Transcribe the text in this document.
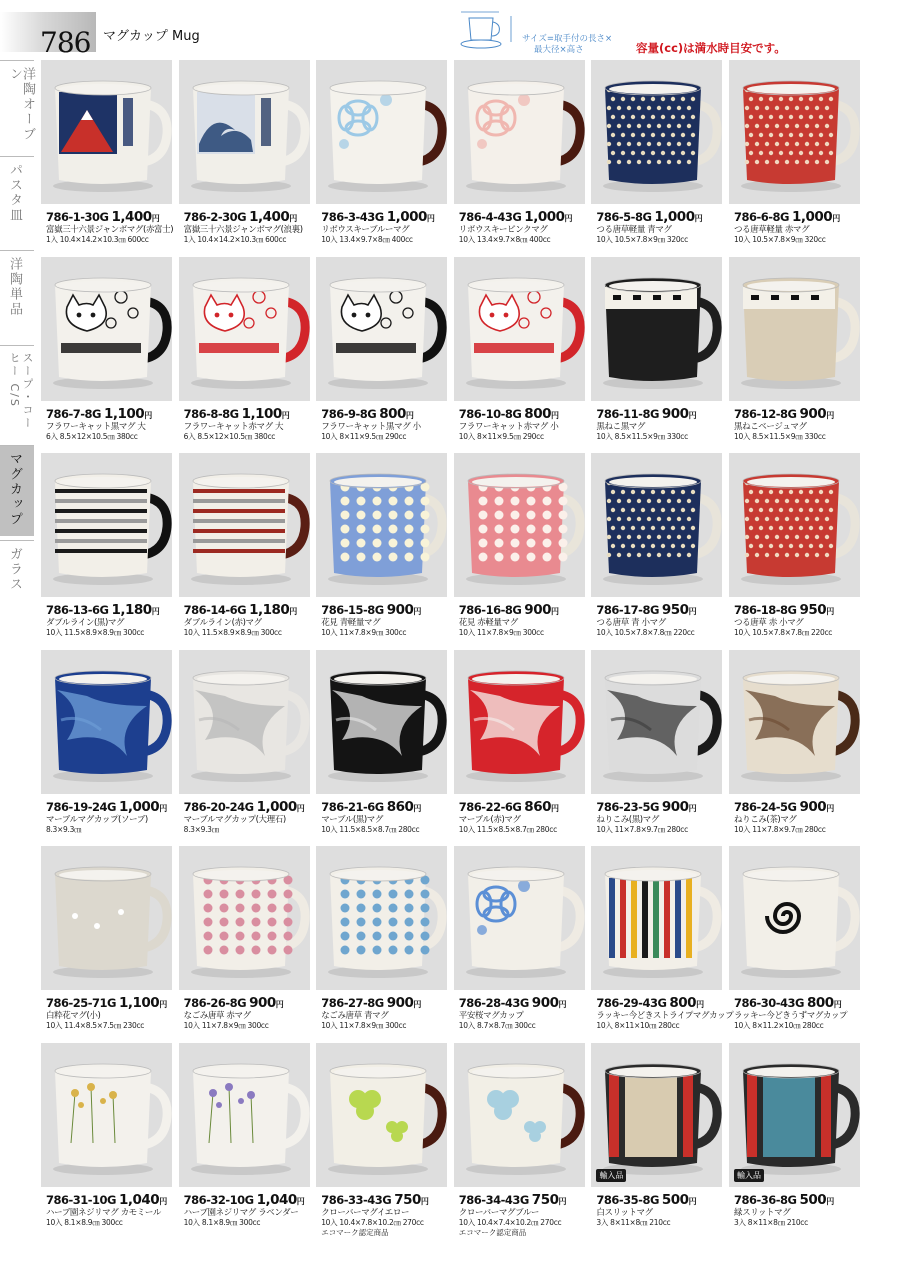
786 マグカップ Mug	サイズ=取手付の長さ×
最大径×高さ	容量(cc)は満水時目安です。
洋陶オーブン
パスタ皿
洋陶単品
スープ・コーヒー C/S
マグカップ
ガラス
786-1-30G 1,400円
富嶽三十六景ジャンボマグ(赤富士)
1入 10.4×14.2×10.3㎝ 600cc
786-2-30G 1,400円
富嶽三十六景ジャンボマグ(浪裏)
1入 10.4×14.2×10.3㎝ 600cc
786-3-43G 1,000円
リボウスキーブルーマグ
10入 13.4×9.7×8㎝ 400cc
786-4-43G 1,000円
リボウスキーピンクマグ
10入 13.4×9.7×8㎝ 400cc
786-5-8G 1,000円
つる唐草軽量 青マグ
10入 10.5×7.8×9㎝ 320cc
786-6-8G 1,000円
つる唐草軽量 赤マグ
10入 10.5×7.8×9㎝ 320cc
786-7-8G 1,100円
フラワーキャット黒マグ 大
6入 8.5×12×10.5㎝ 380cc
786-8-8G 1,100円
フラワーキャット赤マグ 大
6入 8.5×12×10.5㎝ 380cc
786-9-8G 800円
フラワーキャット黒マグ 小
10入 8×11×9.5㎝ 290cc
786-10-8G 800円
フラワーキャット赤マグ 小
10入 8×11×9.5㎝ 290cc
786-11-8G 900円
黒ねこ黒マグ
10入 8.5×11.5×9㎝ 330cc
786-12-8G 900円
黒ねこベージュマグ
10入 8.5×11.5×9㎝ 330cc
786-13-6G 1,180円
ダブルライン(黒)マグ
10入 11.5×8.9×8.9㎝ 300cc
786-14-6G 1,180円
ダブルライン(赤)マグ
10入 11.5×8.9×8.9㎝ 300cc
786-15-8G 900円
花見 青軽量マグ
10入 11×7.8×9㎝ 300cc
786-16-8G 900円
花見 赤軽量マグ
10入 11×7.8×9㎝ 300cc
786-17-8G 950円
つる唐草 青 小マグ
10入 10.5×7.8×7.8㎝ 220cc
786-18-8G 950円
つる唐草 赤 小マグ
10入 10.5×7.8×7.8㎝ 220cc
786-19-24G 1,000円
マーブルマグカップ(ソーブ)
8.3×9.3㎝
786-20-24G 1,000円
マーブルマグカップ(大理石)
8.3×9.3㎝
786-21-6G 860円
マーブル(黒)マグ
10入 11.5×8.5×8.7㎝ 280cc
786-22-6G 860円
マーブル(赤)マグ
10入 11.5×8.5×8.7㎝ 280cc
786-23-5G 900円
ねりこみ(黒)マグ
10入 11×7.8×9.7㎝ 280cc
786-24-5G 900円
ねりこみ(茶)マグ
10入 11×7.8×9.7㎝ 280cc
786-25-71G 1,100円
白粋花マグ(小)
10入 11.4×8.5×7.5㎝ 230cc
786-26-8G 900円
なごみ唐草 赤マグ
10入 11×7.8×9㎝ 300cc
786-27-8G 900円
なごみ唐草 青マグ
10入 11×7.8×9㎝ 300cc
786-28-43G 900円
平安桜マグカップ
10入 8.7×8.7㎝ 300cc
786-29-43G 800円
ラッキー今どきストライプマグカップ
10入 8×11×10㎝ 280cc
786-30-43G 800円
ラッキー今どきうずマグカップ
10入 8×11.2×10㎝ 280cc
786-31-10G 1,040円
ハーブ園ネジリマグ カモミール
10入 8.1×8.9㎝ 300cc
786-32-10G 1,040円
ハーブ園ネジリマグ ラベンダー
10入 8.1×8.9㎝ 300cc
786-33-43G 750円
クローバーマグイエロー
10入 10.4×7.8×10.2㎝ 270cc
エコマーク認定商品
786-34-43G 750円
クローバーマグブルー
10入 10.4×7.4×10.2㎝ 270cc
エコマーク認定商品
輸入品
786-35-8G 500円
白スリットマグ
3入 8×11×8㎝ 210cc
輸入品
786-36-8G 500円
緑スリットマグ
3入 8×11×8㎝ 210cc
